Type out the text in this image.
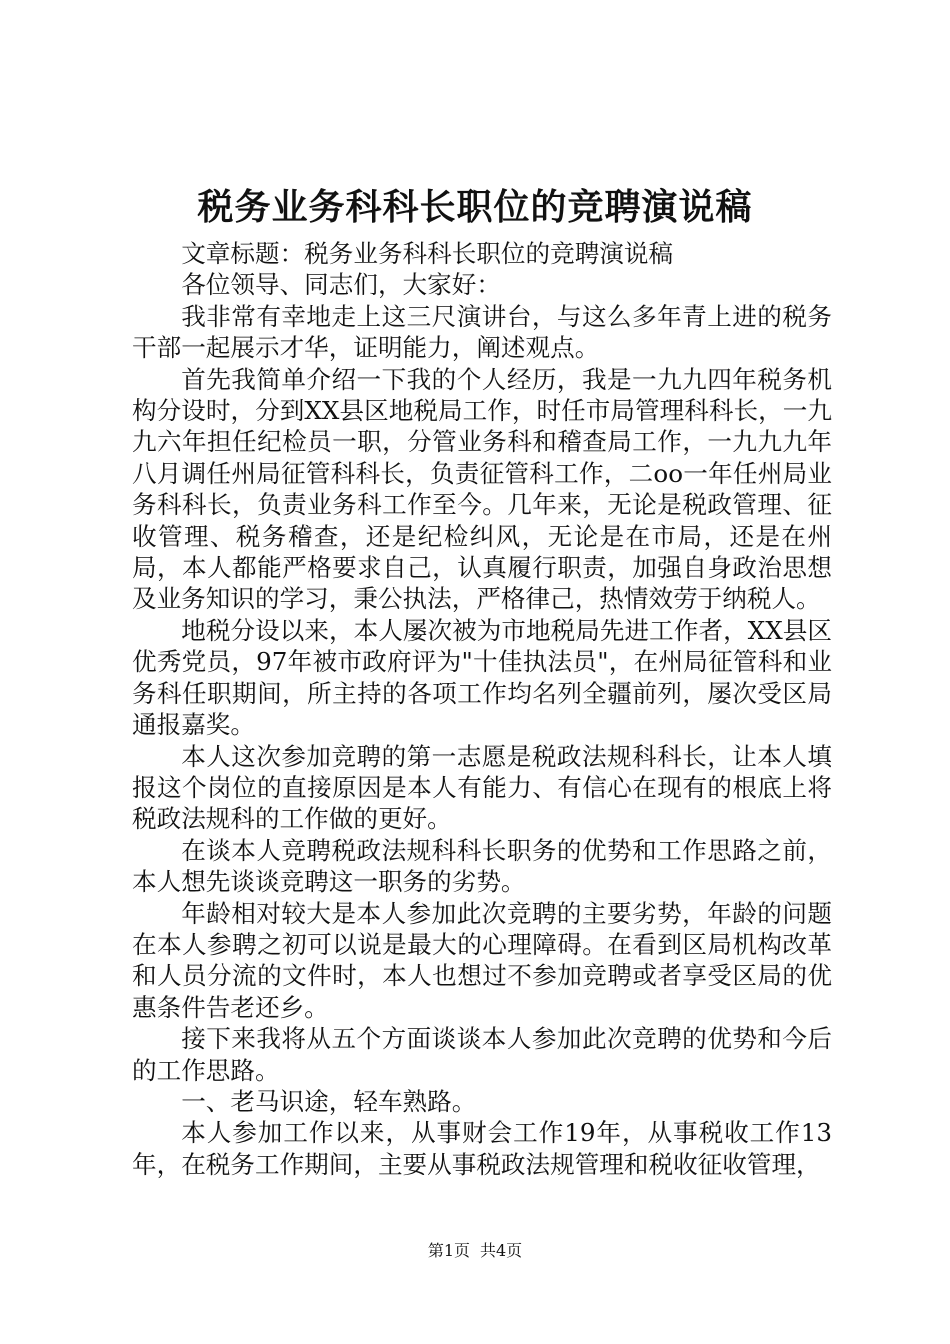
税务业务科科长职位的竞聘演说稿

文章标题：税务业务科科长职位的竞聘演说稿

各位领导、同志们，大家好：

我非常有幸地走上这三尺演讲台，与这么多年青上进的税务干部一起展示才华，证明能力，阐述观点。

首先我简单介绍一下我的个人经历，我是一九九四年税务机构分设时，分到XX县区地税局工作，时任市局管理科科长，一九九六年担任纪检员一职，分管业务科和稽查局工作，一九九九年八月调任州局征管科科长，负责征管科工作，二oo一年任州局业务科科长，负责业务科工作至今。几年来，无论是税政管理、征收管理、税务稽查，还是纪检纠风，无论是在市局，还是在州局，本人都能严格要求自己，认真履行职责，加强自身政治思想及业务知识的学习，秉公执法，严格律己，热情效劳于纳税人。

地税分设以来，本人屡次被为市地税局先进工作者，XX县区优秀党员，97年被市政府评为"十佳执法员"，在州局征管科和业务科任职期间，所主持的各项工作均名列全疆前列，屡次受区局通报嘉奖。

本人这次参加竞聘的第一志愿是税政法规科科长，让本人填报这个岗位的直接原因是本人有能力、有信心在现有的根底上将税政法规科的工作做的更好。

在谈本人竞聘税政法规科科长职务的优势和工作思路之前，本人想先谈谈竞聘这一职务的劣势。

年龄相对较大是本人参加此次竞聘的主要劣势，年龄的问题在本人参聘之初可以说是最大的心理障碍。在看到区局机构改革和人员分流的文件时，本人也想过不参加竞聘或者享受区局的优惠条件告老还乡。

接下来我将从五个方面谈谈本人参加此次竞聘的优势和今后的工作思路。

一、老马识途，轻车熟路。

本人参加工作以来，从事财会工作19年，从事税收工作13年，在税务工作期间，主要从事税政法规管理和税收征收管理，

第1页 共4页
